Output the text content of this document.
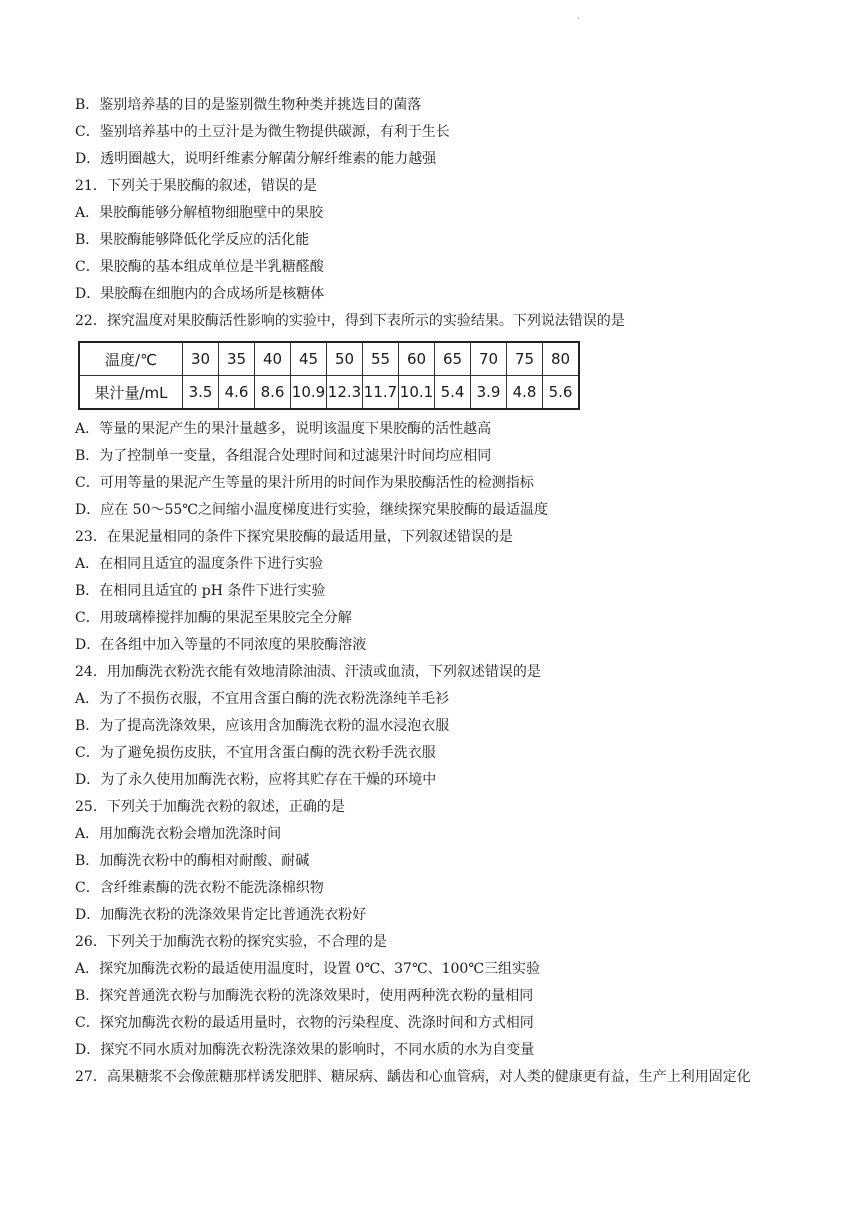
·
B．鉴别培养基的目的是鉴别微生物种类并挑选目的菌落
C．鉴别培养基中的土豆汁是为微生物提供碳源，有利于生长
D．透明圈越大，说明纤维素分解菌分解纤维素的能力越强
21．下列关于果胶酶的叙述，错误的是
A．果胶酶能够分解植物细胞壁中的果胶
B．果胶酶能够降低化学反应的活化能
C．果胶酶的基本组成单位是半乳糖醛酸
D．果胶酶在细胞内的合成场所是核糖体
22．探究温度对果胶酶活性影响的实验中，得到下表所示的实验结果。下列说法错误的是
温度/℃	30	35	40	45	50	55	60	65	70	75	80
果汁量/mL	3.5	4.6	8.6	10.9	12.3	11.7	10.1	5.4	3.9	4.8	5.6
A．等量的果泥产生的果汁量越多，说明该温度下果胶酶的活性越高
B．为了控制单一变量，各组混合处理时间和过滤果汁时间均应相同
C．可用等量的果泥产生等量的果汁所用的时间作为果胶酶活性的检测指标
D．应在 50～55℃之间缩小温度梯度进行实验，继续探究果胶酶的最适温度
23．在果泥量相同的条件下探究果胶酶的最适用量，下列叙述错误的是
A．在相同且适宜的温度条件下进行实验
B．在相同且适宜的 pH 条件下进行实验
C．用玻璃棒搅拌加酶的果泥至果胶完全分解
D．在各组中加入等量的不同浓度的果胶酶溶液
24．用加酶洗衣粉洗衣能有效地清除油渍、汗渍或血渍，下列叙述错误的是
A．为了不损伤衣服，不宜用含蛋白酶的洗衣粉洗涤纯羊毛衫
B．为了提高洗涤效果，应该用含加酶洗衣粉的温水浸泡衣服
C．为了避免损伤皮肤，不宜用含蛋白酶的洗衣粉手洗衣服
D．为了永久使用加酶洗衣粉，应将其贮存在干燥的环境中
25．下列关于加酶洗衣粉的叙述，正确的是
A．用加酶洗衣粉会增加洗涤时间
B．加酶洗衣粉中的酶相对耐酸、耐碱
C．含纤维素酶的洗衣粉不能洗涤棉织物
D．加酶洗衣粉的洗涤效果肯定比普通洗衣粉好
26．下列关于加酶洗衣粉的探究实验，不合理的是
A．探究加酶洗衣粉的最适使用温度时，设置 0℃、37℃、100℃三组实验
B．探究普通洗衣粉与加酶洗衣粉的洗涤效果时，使用两种洗衣粉的量相同
C．探究加酶洗衣粉的最适用量时，衣物的污染程度、洗涤时间和方式相同
D．探究不同水质对加酶洗衣粉洗涤效果的影响时，不同水质的水为自变量
27．高果糖浆不会像蔗糖那样诱发肥胖、糖尿病、龋齿和心血管病，对人类的健康更有益，生产上利用固定化
